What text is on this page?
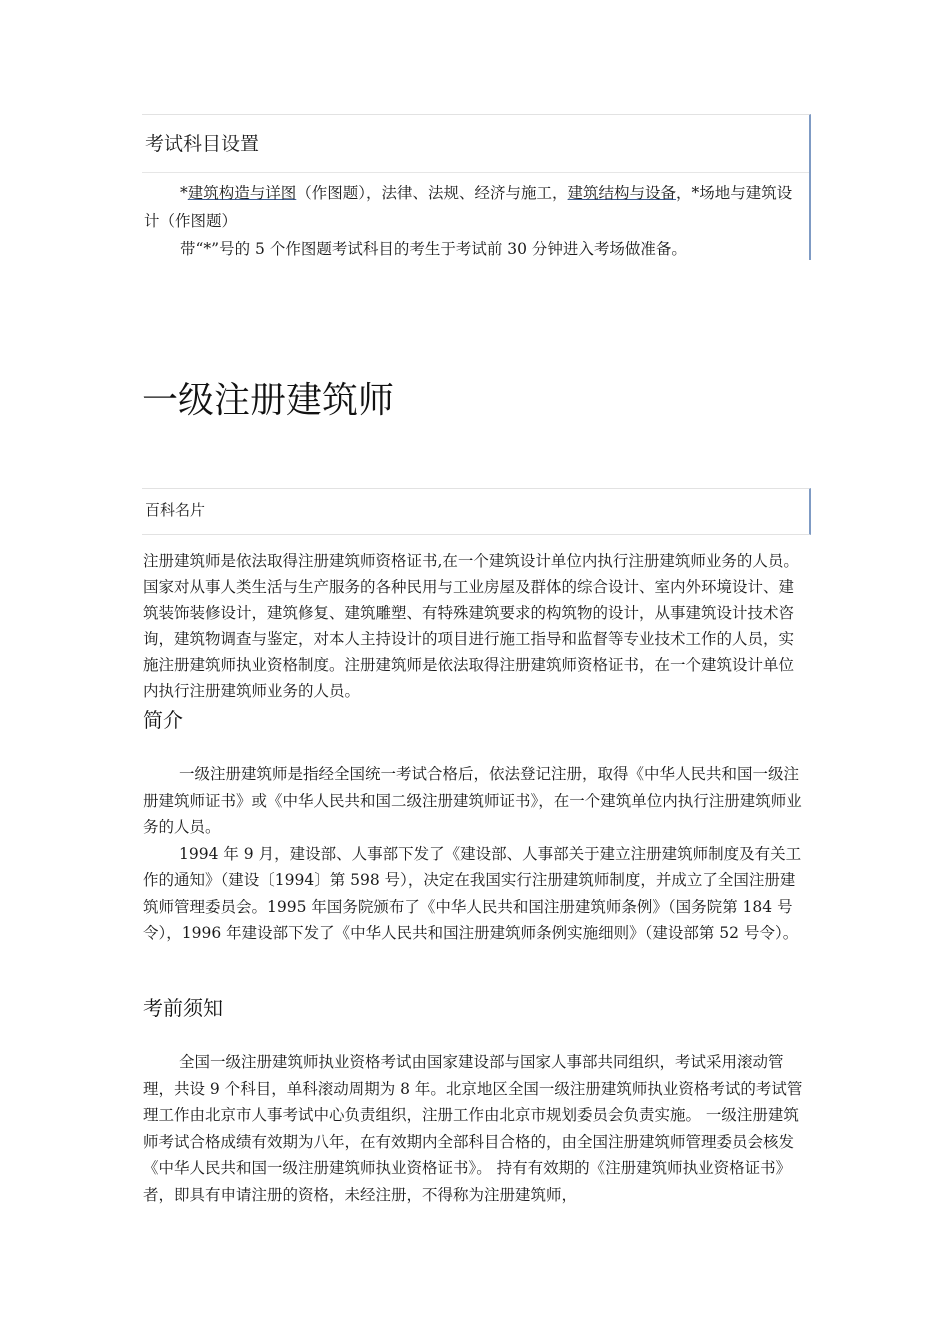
考试科目设置

*建筑构造与详图（作图题），法律、法规、经济与施工，建筑结构与设备，*场地与建筑设计（作图题）

带“*”号的 5 个作图题考试科目的考生于考试前 30 分钟进入考场做准备。

一级注册建筑师
百科名片

注册建筑师是依法取得注册建筑师资格证书,在一个建筑设计单位内执行注册建筑师业务的人员。国家对从事人类生活与生产服务的各种民用与工业房屋及群体的综合设计、室内外环境设计、建筑装饰装修设计，建筑修复、建筑雕塑、有特殊建筑要求的构筑物的设计，从事建筑设计技术咨询，建筑物调查与鉴定，对本人主持设计的项目进行施工指导和监督等专业技术工作的人员，实施注册建筑师执业资格制度。注册建筑师是依法取得注册建筑师资格证书，在一个建筑设计单位内执行注册建筑师业务的人员。

简介

一级注册建筑师是指经全国统一考试合格后，依法登记注册，取得《中华人民共和国一级注册建筑师证书》或《中华人民共和国二级注册建筑师证书》，在一个建筑单位内执行注册建筑师业务的人员。

1994 年 9 月，建设部、人事部下发了《建设部、人事部关于建立注册建筑师制度及有关工作的通知》（建设〔1994〕第 598 号），决定在我国实行注册建筑师制度，并成立了全国注册建筑师管理委员会。1995 年国务院颁布了《中华人民共和国注册建筑师条例》（国务院第 184 号令），1996 年建设部下发了《中华人民共和国注册建筑师条例实施细则》（建设部第 52 号令）。

考前须知

全国一级注册建筑师执业资格考试由国家建设部与国家人事部共同组织，考试采用滚动管理，共设 9 个科目，单科滚动周期为 8 年。北京地区全国一级注册建筑师执业资格考试的考试管理工作由北京市人事考试中心负责组织，注册工作由北京市规划委员会负责实施。 一级注册建筑师考试合格成绩有效期为八年，在有效期内全部科目合格的，由全国注册建筑师管理委员会核发《中华人民共和国一级注册建筑师执业资格证书》。 持有有效期的《注册建筑师执业资格证书》者，即具有申请注册的资格，未经注册，不得称为注册建筑师，
